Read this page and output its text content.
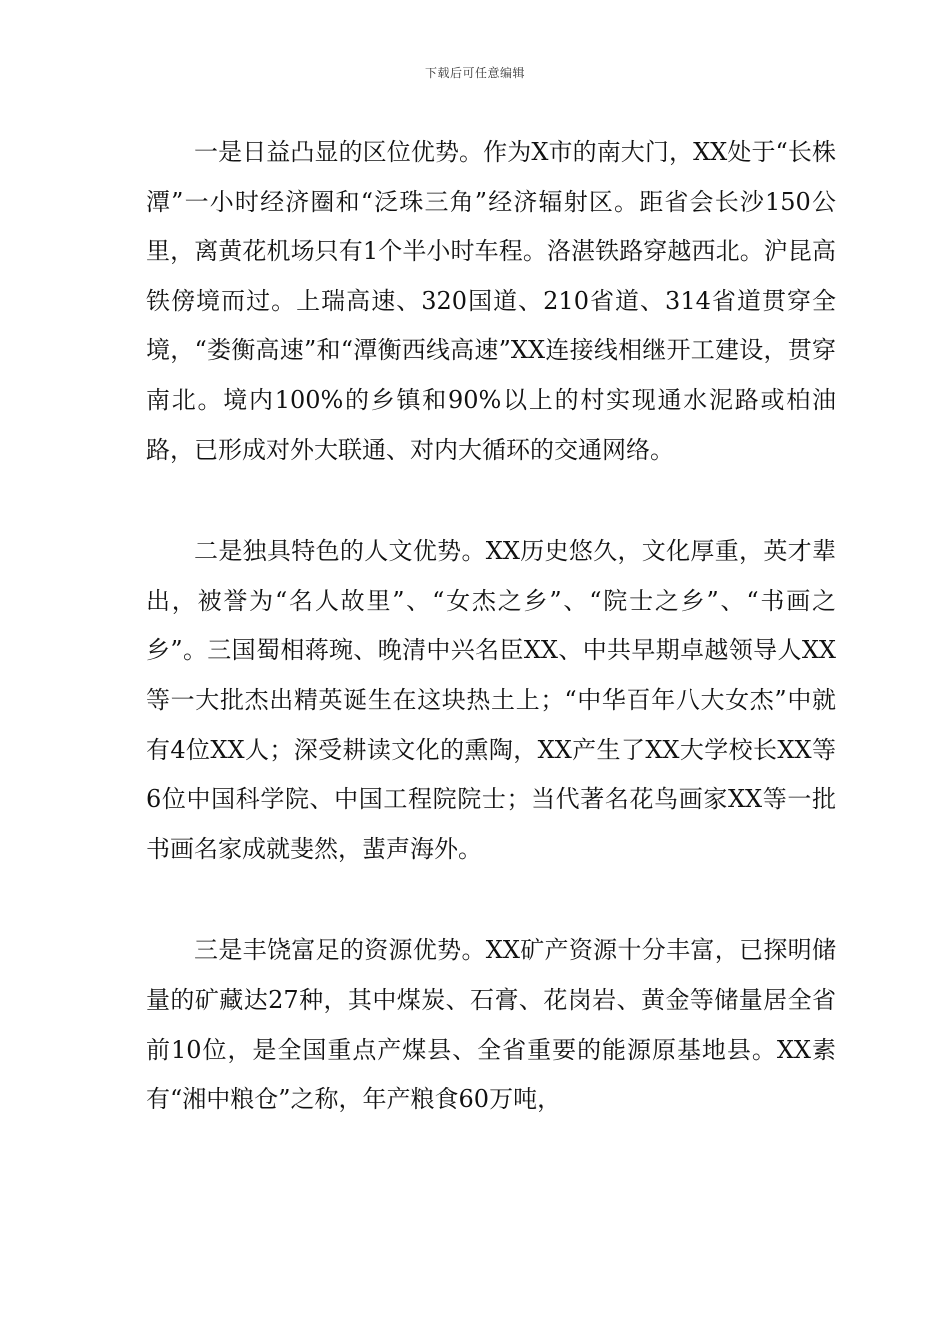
下载后可任意编辑

一是日益凸显的区位优势。作为X市的南大门，XX处于“长株潭”一小时经济圈和“泛珠三角”经济辐射区。距省会长沙150公里，离黄花机场只有1个半小时车程。洛湛铁路穿越西北。沪昆高铁傍境而过。上瑞高速、320国道、210省道、314省道贯穿全境，“娄衡高速”和“潭衡西线高速”XX连接线相继开工建设，贯穿南北。境内100%的乡镇和90%以上的村实现通水泥路或柏油路，已形成对外大联通、对内大循环的交通网络。

二是独具特色的人文优势。XX历史悠久，文化厚重，英才辈出，被誉为“名人故里”、“女杰之乡”、“院士之乡”、“书画之乡”。三国蜀相蒋琬、晚清中兴名臣XX、中共早期卓越领导人XX等一大批杰出精英诞生在这块热土上；“中华百年八大女杰”中就有4位XX人；深受耕读文化的熏陶，XX产生了XX大学校长XX等6位中国科学院、中国工程院院士；当代著名花鸟画家XX等一批书画名家成就斐然，蜚声海外。

三是丰饶富足的资源优势。XX矿产资源十分丰富，已探明储量的矿藏达27种，其中煤炭、石膏、花岗岩、黄金等储量居全省前10位，是全国重点产煤县、全省重要的能源原基地县。XX素有“湘中粮仓”之称，年产粮食60万吨，
